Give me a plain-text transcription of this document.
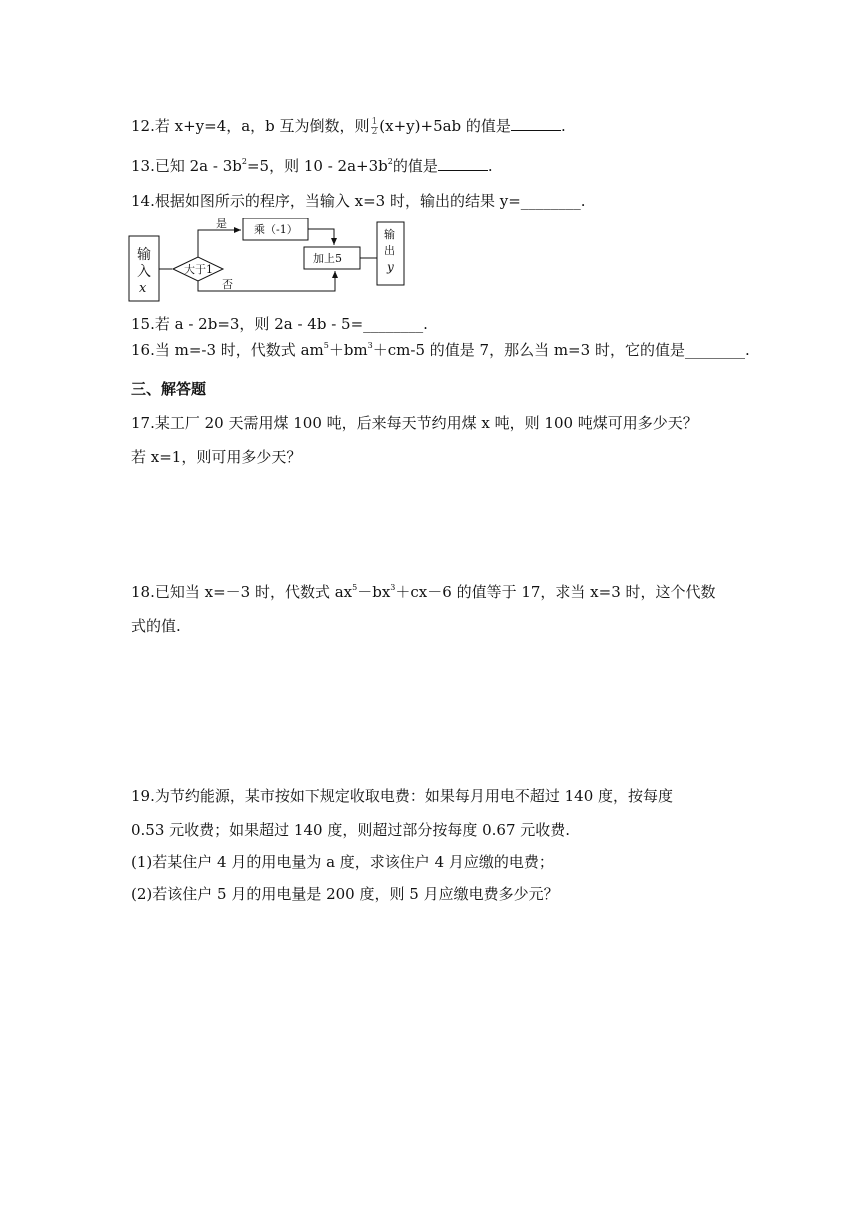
12.若 x+y=4，a，b 互为倒数，则 $\frac{1}{2} (x+y)+5ab$ 的值是	.
13.已知 $2a - 3b^2=5$，则 $10 - 2a+3b^2$的值是	.
14.根据如图所示的程序，当输入 x=3 时，输出的结果 y=________.
输
入
x
大于1
是
否
乘（-1）
加上5
输
出
y
15.若 a - 2b=3，则 2a - 4b - 5=________.
16.当 m=-3 时，代数式 $am^5+bm^3+cm-5$ 的值是 7，那么当 m=3 时，它的值是________.
三、解答题
17.某工厂 20 天需用煤 100 吨，后来每天节约用煤 x 吨，则 100 吨煤可用多少天？
若 x=1，则可用多少天？
18.已知当 x=－3 时，代数式 $ax^5-bx^3+cx-6$ 的值等于 17，求当 x=3 时，这个代数
式的值.
19.为节约能源，某市按如下规定收取电费：如果每月用电不超过 140 度，按每度
0.53 元收费；如果超过 140 度，则超过部分按每度 0.67 元收费.
(1)若某住户 4 月的用电量为 a 度，求该住户 4 月应缴的电费；
(2)若该住户 5 月的用电量是 200 度，则 5 月应缴电费多少元？
